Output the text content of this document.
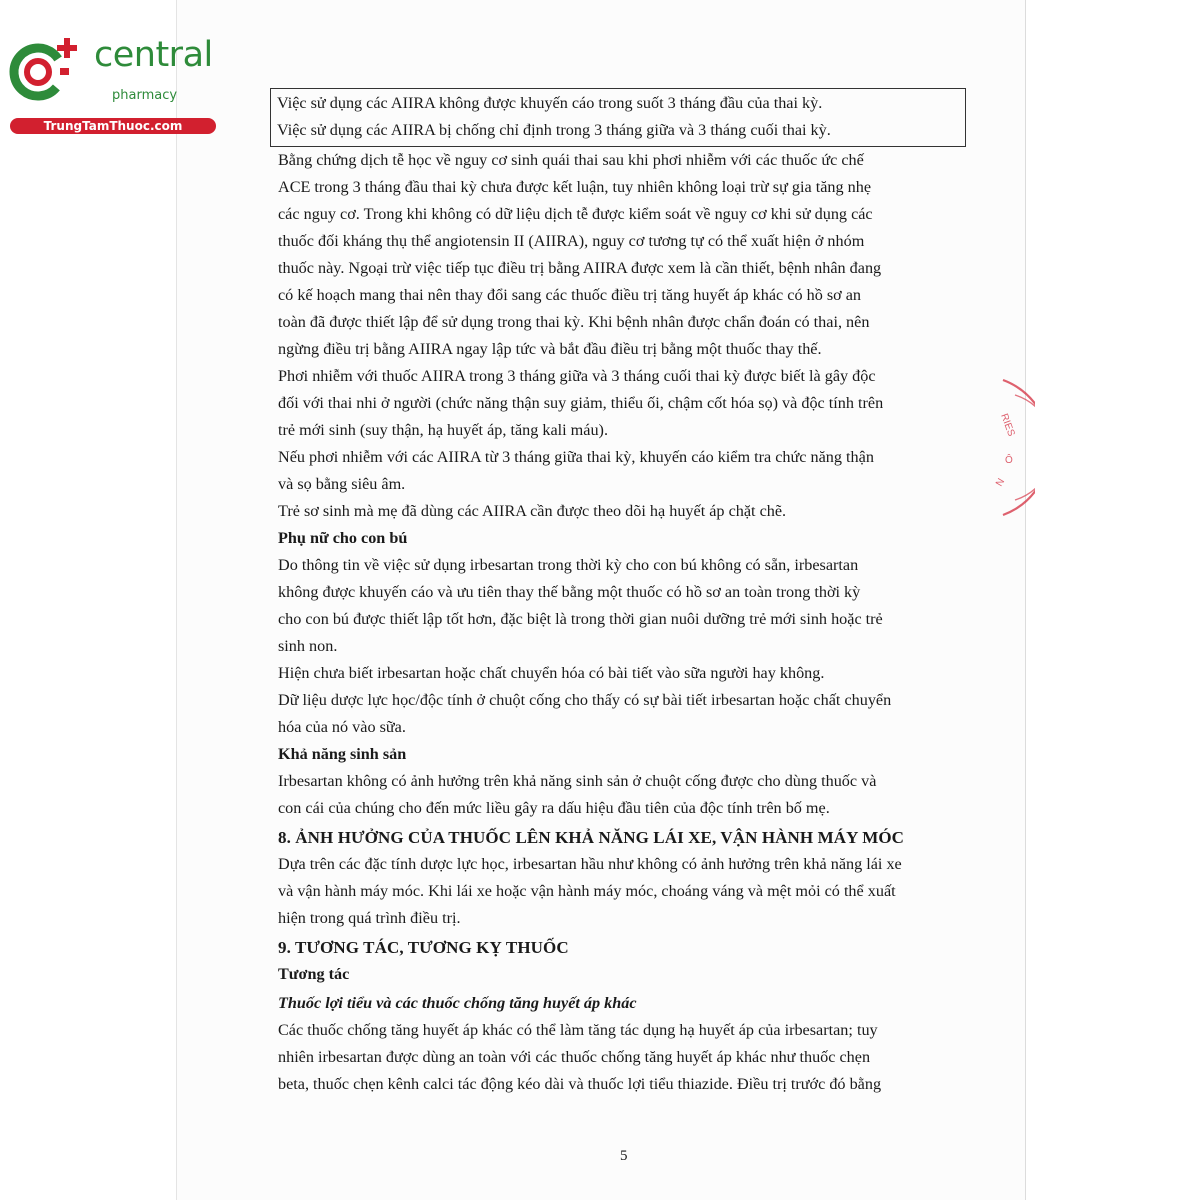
central
pharmacy
TrungTamThuoc.com
RIES
Ô
N
Việc sử dụng các AIIRA không được khuyến cáo trong suốt 3 tháng đầu của thai kỳ.
Việc sử dụng các AIIRA bị chống chỉ định trong 3 tháng giữa và 3 tháng cuối thai kỳ.
Bằng chứng dịch tễ học về nguy cơ sinh quái thai sau khi phơi nhiễm với các thuốc ức chế
ACE trong 3 tháng đầu thai kỳ chưa được kết luận, tuy nhiên không loại trừ sự gia tăng nhẹ
các nguy cơ. Trong khi không có dữ liệu dịch tễ được kiểm soát về nguy cơ khi sử dụng các
thuốc đối kháng thụ thể angiotensin II (AIIRA), nguy cơ tương tự có thể xuất hiện ở nhóm
thuốc này. Ngoại trừ việc tiếp tục điều trị bằng AIIRA được xem là cần thiết, bệnh nhân đang
có kế hoạch mang thai nên thay đổi sang các thuốc điều trị tăng huyết áp khác có hồ sơ an
toàn đã được thiết lập để sử dụng trong thai kỳ. Khi bệnh nhân được chẩn đoán có thai, nên
ngừng điều trị bằng AIIRA ngay lập tức và bắt đầu điều trị bằng một thuốc thay thế.
Phơi nhiễm với thuốc AIIRA trong 3 tháng giữa và 3 tháng cuối thai kỳ được biết là gây độc
đối với thai nhi ở người (chức năng thận suy giảm, thiểu ối, chậm cốt hóa sọ) và độc tính trên
trẻ mới sinh (suy thận, hạ huyết áp, tăng kali máu).
Nếu phơi nhiễm với các AIIRA từ 3 tháng giữa thai kỳ, khuyến cáo kiểm tra chức năng thận
và sọ bằng siêu âm.
Trẻ sơ sinh mà mẹ đã dùng các AIIRA cần được theo dõi hạ huyết áp chặt chẽ.
Phụ nữ cho con bú
Do thông tin về việc sử dụng irbesartan trong thời kỳ cho con bú không có sẵn, irbesartan
không được khuyến cáo và ưu tiên thay thế bằng một thuốc có hồ sơ an toàn trong thời kỳ
cho con bú được thiết lập tốt hơn, đặc biệt là trong thời gian nuôi dưỡng trẻ mới sinh hoặc trẻ
sinh non.
Hiện chưa biết irbesartan hoặc chất chuyển hóa có bài tiết vào sữa người hay không.
Dữ liệu dược lực học/độc tính ở chuột cống cho thấy có sự bài tiết irbesartan hoặc chất chuyển
hóa của nó vào sữa.
Khả năng sinh sản
Irbesartan không có ảnh hưởng trên khả năng sinh sản ở chuột cống được cho dùng thuốc và
con cái của chúng cho đến mức liều gây ra dấu hiệu đầu tiên của độc tính trên bố mẹ.
8. ẢNH HƯỞNG CỦA THUỐC LÊN KHẢ NĂNG LÁI XE, VẬN HÀNH MÁY MÓC
Dựa trên các đặc tính dược lực học, irbesartan hầu như không có ảnh hưởng trên khả năng lái xe
và vận hành máy móc. Khi lái xe hoặc vận hành máy móc, choáng váng và mệt mỏi có thể xuất
hiện trong quá trình điều trị.
9. TƯƠNG TÁC, TƯƠNG KỴ THUỐC
Tương tác
Thuốc lợi tiểu và các thuốc chống tăng huyết áp khác
Các thuốc chống tăng huyết áp khác có thể làm tăng tác dụng hạ huyết áp của irbesartan; tuy
nhiên irbesartan được dùng an toàn với các thuốc chống tăng huyết áp khác như thuốc chẹn
beta, thuốc chẹn kênh calci tác động kéo dài và thuốc lợi tiểu thiazide. Điều trị trước đó bằng
5
